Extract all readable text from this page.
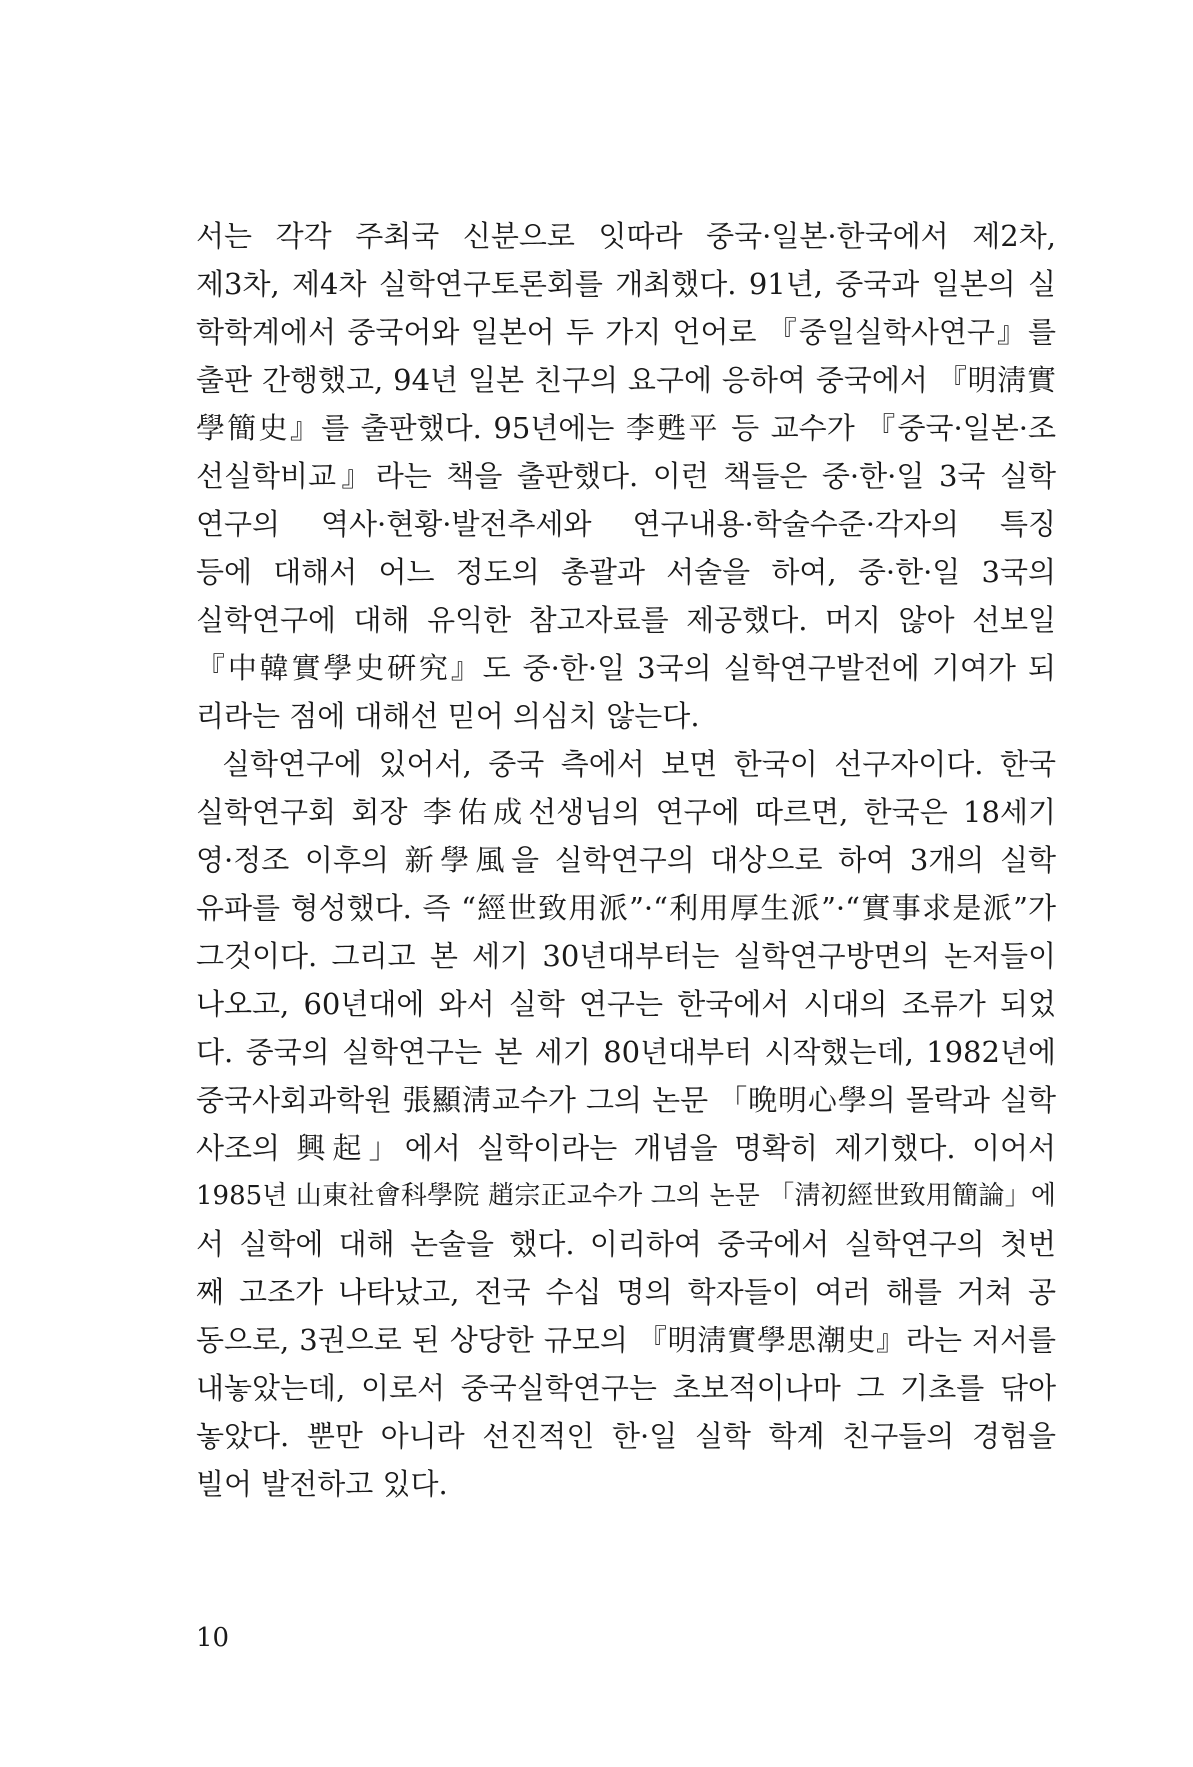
서는 각각 주최국 신분으로 잇따라 중국·일본·한국에서 제2차,
제3차, 제4차 실학연구토론회를 개최했다. 91년, 중국과 일본의 실
학학계에서 중국어와 일본어 두 가지 언어로 『중일실학사연구』를
출판 간행했고, 94년 일본 친구의 요구에 응하여 중국에서 『明淸實
學簡史』를 출판했다. 95년에는 李甦平 등 교수가 『중국·일본·조
선실학비교』라는 책을 출판했다. 이런 책들은 중·한·일 3국 실학
연구의 역사·현황·발전추세와 연구내용·학술수준·각자의 특징
등에 대해서 어느 정도의 총괄과 서술을 하여, 중·한·일 3국의
실학연구에 대해 유익한 참고자료를 제공했다. 머지 않아 선보일
『中韓實學史硏究』도 중·한·일 3국의 실학연구발전에 기여가 되
리라는 점에 대해선 믿어 의심치 않는다.
실학연구에 있어서, 중국 측에서 보면 한국이 선구자이다. 한국
실학연구회 회장 李佑成선생님의 연구에 따르면, 한국은 18세기
영·정조 이후의 新學風을 실학연구의 대상으로 하여 3개의 실학
유파를 형성했다. 즉 “經世致用派”·“利用厚生派”·“實事求是派”가
그것이다. 그리고 본 세기 30년대부터는 실학연구방면의 논저들이
나오고, 60년대에 와서 실학 연구는 한국에서 시대의 조류가 되었
다. 중국의 실학연구는 본 세기 80년대부터 시작했는데, 1982년에
중국사회과학원 張顯淸교수가 그의 논문 「晩明心學의 몰락과 실학
사조의 興起」에서 실학이라는 개념을 명확히 제기했다. 이어서
1985년 山東社會科學院 趙宗正교수가 그의 논문 「淸初經世致用簡論」에
서 실학에 대해 논술을 했다. 이리하여 중국에서 실학연구의 첫번
째 고조가 나타났고, 전국 수십 명의 학자들이 여러 해를 거쳐 공
동으로, 3권으로 된 상당한 규모의 『明淸實學思潮史』라는 저서를
내놓았는데, 이로서 중국실학연구는 초보적이나마 그 기초를 닦아
놓았다. 뿐만 아니라 선진적인 한·일 실학 학계 친구들의 경험을
빌어 발전하고 있다.
10
